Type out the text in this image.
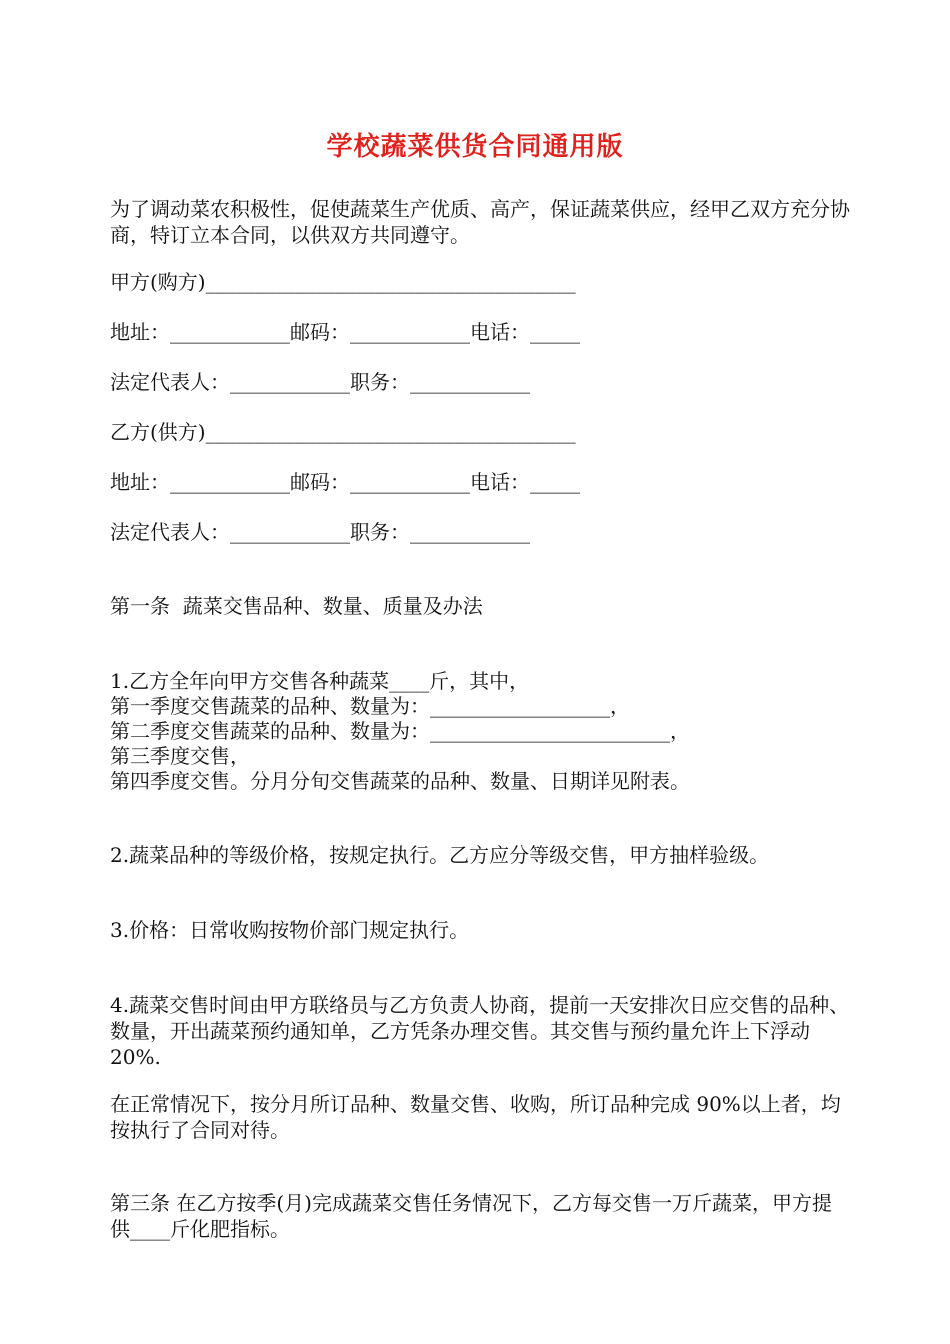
学校蔬菜供货合同通用版
为了调动菜农积极性，促使蔬菜生产优质、高产，保证蔬菜供应，经甲乙双方充分协商，特订立本合同，以供双方共同遵守。
甲方(购方)_____________________________________
地址：____________邮码：____________电话：_____
法定代表人：____________职务：____________
乙方(供方)_____________________________________
地址：____________邮码：____________电话：_____
法定代表人：____________职务：____________
第一条  蔬菜交售品种、数量、质量及办法
1.乙方全年向甲方交售各种蔬菜____斤，其中，
第一季度交售蔬菜的品种、数量为：__________________，
第二季度交售蔬菜的品种、数量为：________________________，
第三季度交售，
第四季度交售。分月分旬交售蔬菜的品种、数量、日期详见附表。
2.蔬菜品种的等级价格，按规定执行。乙方应分等级交售，甲方抽样验级。
3.价格：日常收购按物价部门规定执行。
4.蔬菜交售时间由甲方联络员与乙方负责人协商，提前一天安排次日应交售的品种、数量，开出蔬菜预约通知单，乙方凭条办理交售。其交售与预约量允许上下浮动 20%.
在正常情况下，按分月所订品种、数量交售、收购，所订品种完成 90%以上者，均按执行了合同对待。
第三条 在乙方按季(月)完成蔬菜交售任务情况下，乙方每交售一万斤蔬菜，甲方提供____斤化肥指标。
